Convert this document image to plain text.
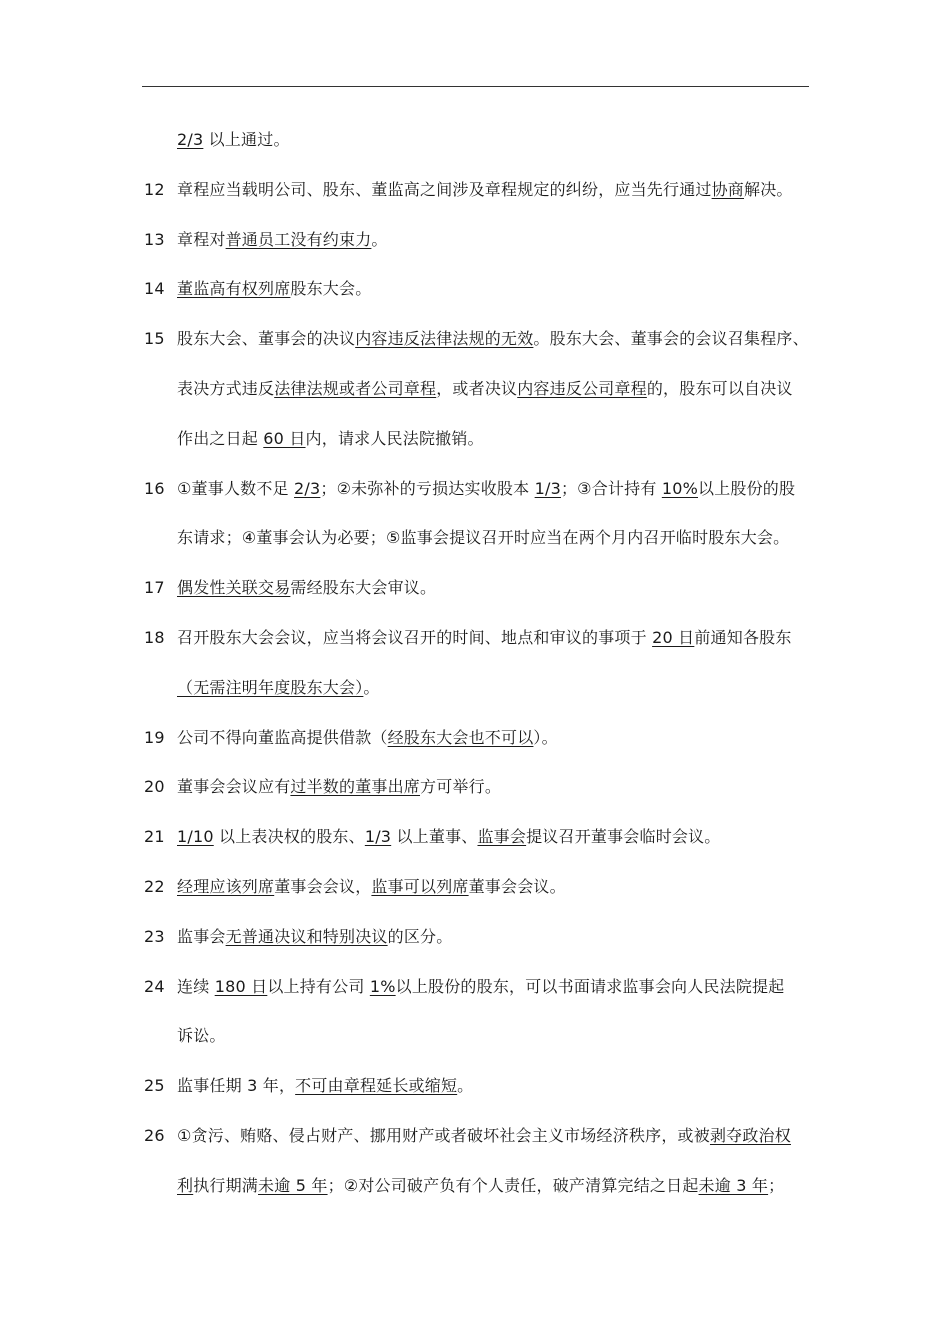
2/3 以上通过。
12 章程应当载明公司、股东、董监高之间涉及章程规定的纠纷，应当先行通过协商解决。
13 章程对普通员工没有约束力。
14 董监高有权列席股东大会。
15 股东大会、董事会的决议内容违反法律法规的无效。股东大会、董事会的会议召集程序、
表决方式违反法律法规或者公司章程，或者决议内容违反公司章程的，股东可以自决议
作出之日起 60 日内，请求人民法院撤销。
16 ①董事人数不足 2/3；②未弥补的亏损达实收股本 1/3；③合计持有 10%以上股份的股
东请求；④董事会认为必要；⑤监事会提议召开时应当在两个月内召开临时股东大会。
17 偶发性关联交易需经股东大会审议。
18 召开股东大会会议，应当将会议召开的时间、地点和审议的事项于 20 日前通知各股东
（无需注明年度股东大会）。
19 公司不得向董监高提供借款（经股东大会也不可以）。
20 董事会会议应有过半数的董事出席方可举行。
21 1/10 以上表决权的股东、1/3 以上董事、监事会提议召开董事会临时会议。
22 经理应该列席董事会会议，监事可以列席董事会会议。
23 监事会无普通决议和特别决议的区分。
24 连续 180 日以上持有公司 1%以上股份的股东，可以书面请求监事会向人民法院提起
诉讼。
25 监事任期 3 年，不可由章程延长或缩短。
26 ①贪污、贿赂、侵占财产、挪用财产或者破坏社会主义市场经济秩序，或被剥夺政治权
利执行期满未逾 5 年；②对公司破产负有个人责任，破产清算完结之日起未逾 3 年；
